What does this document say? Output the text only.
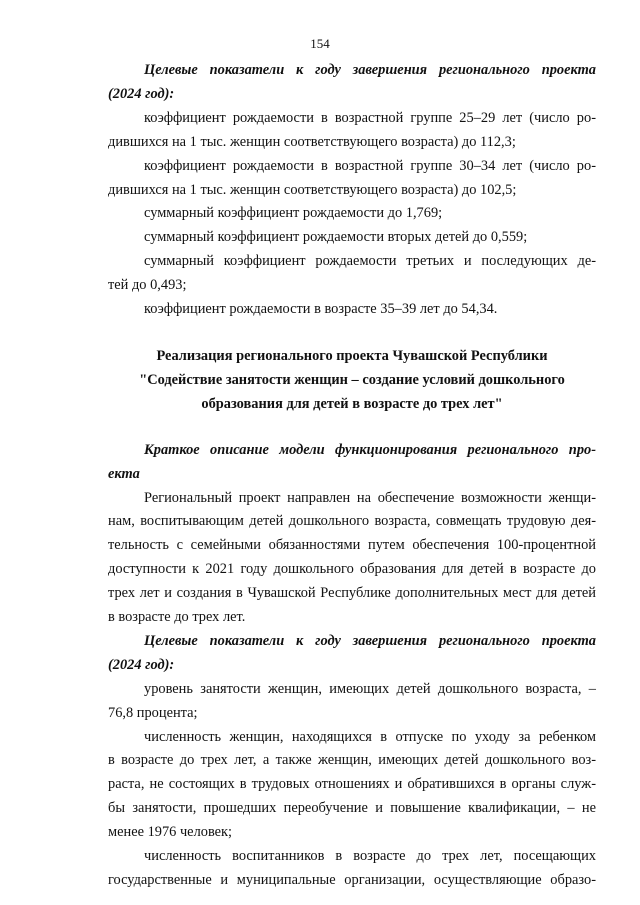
154

Целевые показатели к году завершения регионального проекта

(2024 год):

коэффициент рождаемости в возрастной группе 25–29 лет (число ро-

дившихся на 1 тыс. женщин соответствующего возраста) до 112,3;

коэффициент рождаемости в возрастной группе 30–34 лет (число ро-

дившихся на 1 тыс. женщин соответствующего возраста) до 102,5;

суммарный коэффициент рождаемости до 1,769;

суммарный коэффициент рождаемости вторых детей до 0,559;

суммарный коэффициент рождаемости третьих и последующих де-

тей до 0,493;

коэффициент рождаемости в возрасте 35–39 лет до 54,34.

Реализация регионального проекта Чувашской Республики

"Содействие занятости женщин – создание условий дошкольного

образования для детей в возрасте до трех лет"

Краткое описание модели функционирования регионального про-

екта

Региональный проект направлен на обеспечение возможности женщи-

нам, воспитывающим детей дошкольного возраста, совмещать трудовую дея-

тельность с семейными обязанностями путем обеспечения 100-процентной

доступности к 2021 году дошкольного образования для детей в возрасте до

трех лет и создания в Чувашской Республике дополнительных мест для детей

в возрасте до трех лет.

Целевые показатели к году завершения регионального проекта

(2024 год):

уровень занятости женщин, имеющих детей дошкольного возраста, –

76,8 процента;

численность женщин, находящихся в отпуске по уходу за ребенком

в возрасте до трех лет, а также женщин, имеющих детей дошкольного воз-

раста, не состоящих в трудовых отношениях и обратившихся в органы служ-

бы занятости, прошедших переобучение и повышение квалификации, – не

менее 1976 человек;

численность воспитанников в возрасте до трех лет, посещающих

государственные и муниципальные организации, осуществляющие образо-
